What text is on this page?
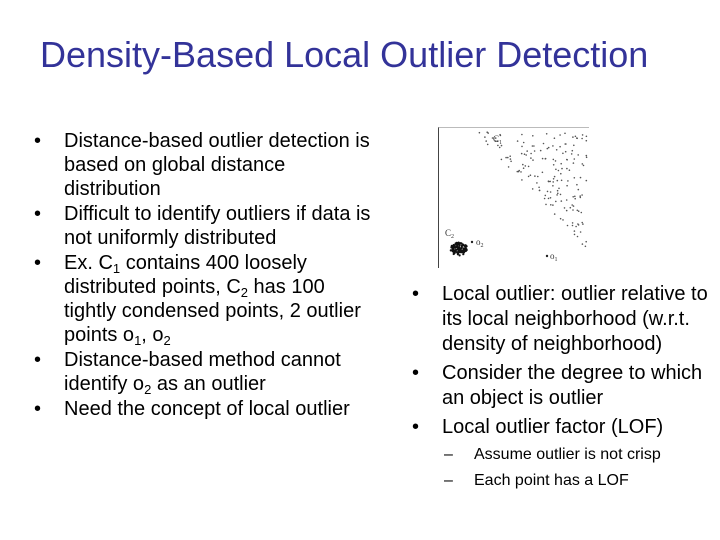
Density-Based Local Outlier Detection
• Distance-based outlier detection is based on global distance distribution
• Difficult to identify outliers if data is not uniformly distributed
• Ex. $C_1$ contains 400 loosely distributed points, $C_2$ has 100 tightly condensed points, 2 outlier points $o_1$, $o_2$
• Distance-based method cannot identify $o_2$ as an outlier
• Need the concept of local outlier
$C_1$
$C_2$ $o_2$
$o_1$
• Local outlier: outlier relative to its local neighborhood (w.r.t. density of neighborhood)
• Consider the degree to which an object is outlier
• Local outlier factor (LOF)
– Assume outlier is not crisp
– Each point has a LOF
